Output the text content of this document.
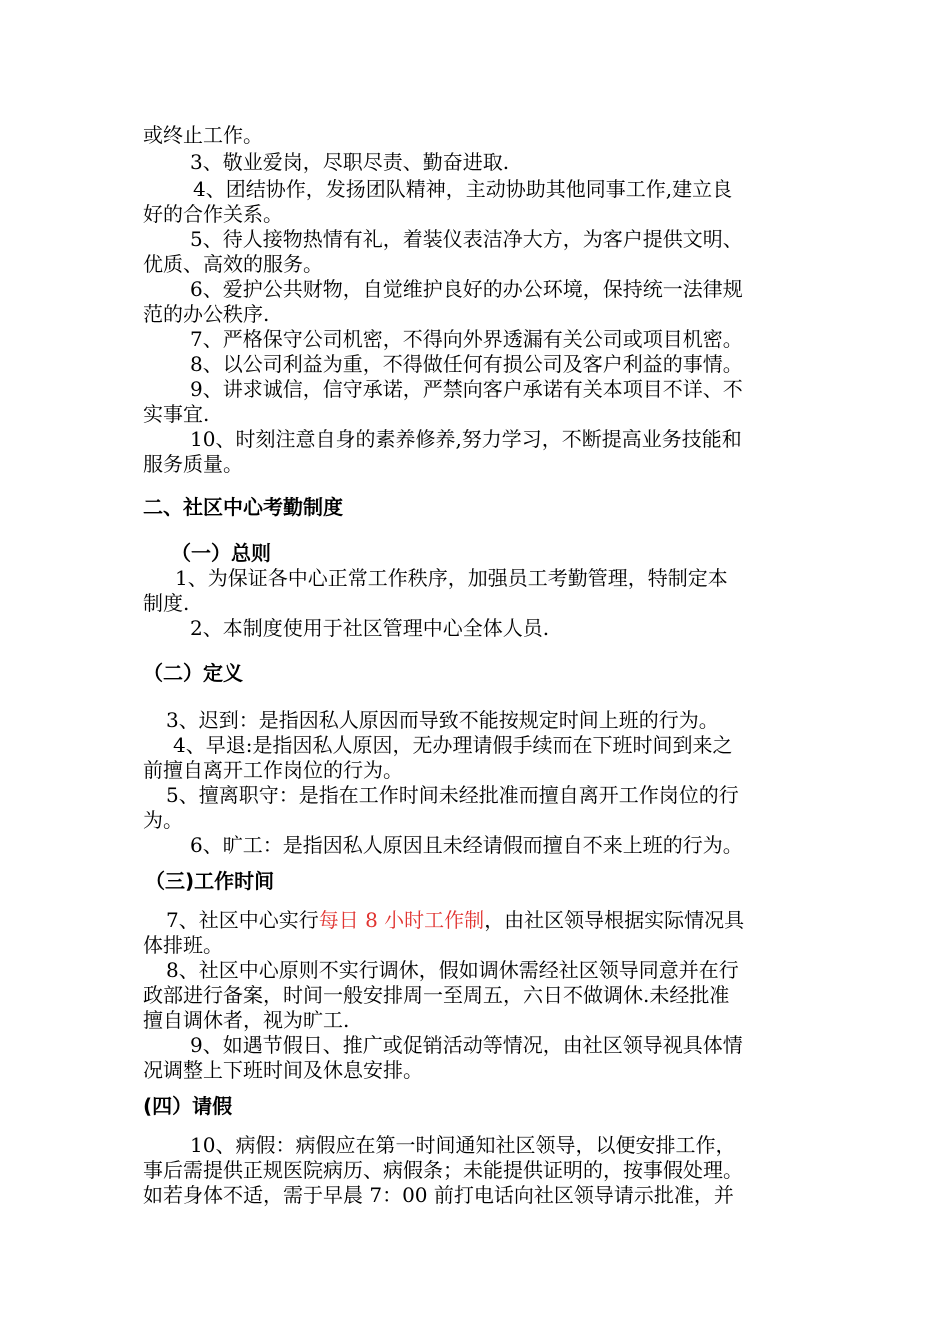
或终止工作。

3、敬业爱岗，尽职尽责、勤奋进取.

4、团结协作，发扬团队精神，主动协助其他同事工作,建立良

好的合作关系。

5、待人接物热情有礼，着装仪表洁净大方，为客户提供文明、

优质、高效的服务。

6、爱护公共财物，自觉维护良好的办公环境，保持统一法律规

范的办公秩序.

7、严格保守公司机密，不得向外界透漏有关公司或项目机密。

8、以公司利益为重，不得做任何有损公司及客户利益的事情。

9、讲求诚信，信守承诺，严禁向客户承诺有关本项目不详、不

实事宜.

10、时刻注意自身的素养修养,努力学习，不断提高业务技能和

服务质量。

二、社区中心考勤制度
（一）总则

1、为保证各中心正常工作秩序，加强员工考勤管理，特制定本

制度.

2、本制度使用于社区管理中心全体人员.

（二）定义

3、迟到：是指因私人原因而导致不能按规定时间上班的行为。

4、早退:是指因私人原因，无办理请假手续而在下班时间到来之

前擅自离开工作岗位的行为。

5、擅离职守：是指在工作时间未经批准而擅自离开工作岗位的行

为。

6、旷工：是指因私人原因且未经请假而擅自不来上班的行为。

（三)工作时间

7、社区中心实行每日 8 小时工作制，由社区领导根据实际情况具

体排班。

8、社区中心原则不实行调休，假如调休需经社区领导同意并在行

政部进行备案，时间一般安排周一至周五，六日不做调休.未经批准

擅自调休者，视为旷工.

9、如遇节假日、推广或促销活动等情况，由社区领导视具体情

况调整上下班时间及休息安排。

(四）请假

10、病假：病假应在第一时间通知社区领导，以便安排工作，

事后需提供正规医院病历、病假条；未能提供证明的，按事假处理。

如若身体不适，需于早晨 7：00 前打电话向社区领导请示批准，并
